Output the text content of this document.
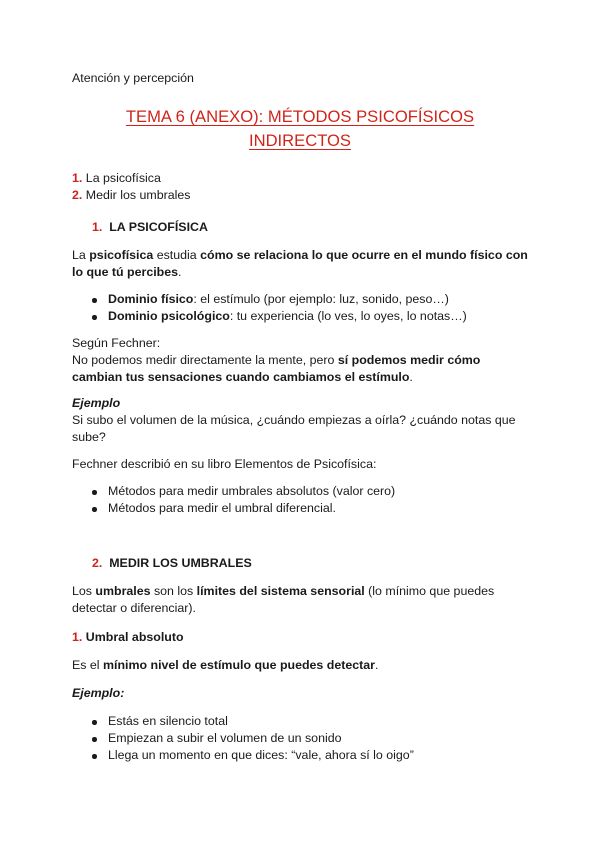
Atención y percepción
TEMA 6 (ANEXO): MÉTODOS PSICOFÍSICOS
INDIRECTOS
1. La psicofísica
2. Medir los umbrales
1. LA PSICOFÍSICA
La psicofísica estudia cómo se relaciona lo que ocurre en el mundo físico con lo que tú percibes.
Dominio físico: el estímulo (por ejemplo: luz, sonido, peso…)
Dominio psicológico: tu experiencia (lo ves, lo oyes, lo notas…)
Según Fechner:
No podemos medir directamente la mente, pero sí podemos medir cómo cambian tus sensaciones cuando cambiamos el estímulo.
Ejemplo
Si subo el volumen de la música, ¿cuándo empiezas a oírla? ¿cuándo notas que sube?
Fechner describió en su libro Elementos de Psicofísica:
Métodos para medir umbrales absolutos (valor cero)
Métodos para medir el umbral diferencial.
2. MEDIR LOS UMBRALES
Los umbrales son los límites del sistema sensorial (lo mínimo que puedes detectar o diferenciar).
1. Umbral absoluto
Es el mínimo nivel de estímulo que puedes detectar.
Ejemplo:
Estás en silencio total
Empiezan a subir el volumen de un sonido
Llega un momento en que dices: “vale, ahora sí lo oigo”
